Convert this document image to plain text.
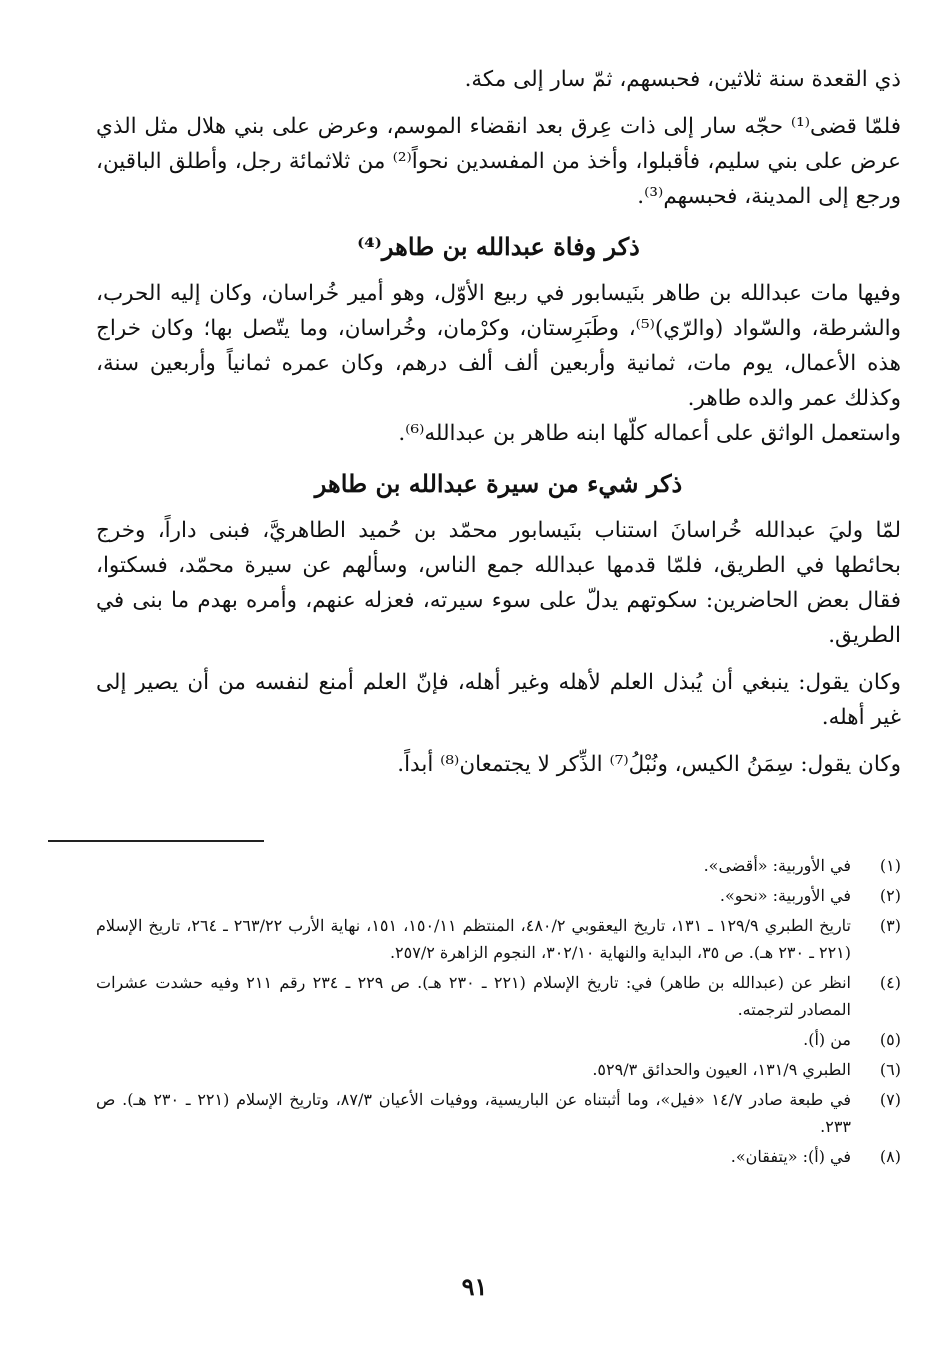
ذي القعدة سنة ثلاثين، فحبسهم، ثمّ سار إلى مكة.

فلمّا قضى⁽¹⁾ حجّه سار إلى ذات عِرق بعد انقضاء الموسم، وعرض على بني هلال مثل الذي عرض على بني سليم، فأقبلوا، وأخذ من المفسدين نحواً⁽²⁾ من ثلاثمائة رجل، وأطلق الباقين، ورجع إلى المدينة، فحبسهم⁽³⁾.

ذكر وفاة عبدالله بن طاهر⁽⁴⁾

وفيها مات عبدالله بن طاهر بنَيسابور في ربيع الأوّل، وهو أمير خُراسان، وكان إليه الحرب، والشرطة، والسّواد (والرّي)⁽⁵⁾، وطَبَرِستان، وكرْمان، وخُراسان، وما يتّصل بها؛ وكان خراج هذه الأعمال، يوم مات، ثمانية وأربعين ألف ألف درهم، وكان عمره ثمانياً وأربعين سنة، وكذلك عمر والده طاهر.

واستعمل الواثق على أعماله كلّها ابنه طاهر بن عبدالله⁽⁶⁾.

ذكر شيء من سيرة عبدالله بن طاهر

لمّا وليَ عبدالله خُراسانَ استناب بنَيسابور محمّد بن حُميد الطاهريَّ، فبنى داراً، وخرج بحائطها في الطريق، فلمّا قدمها عبدالله جمع الناس، وسألهم عن سيرة محمّد، فسكتوا، فقال بعض الحاضرين: سكوتهم يدلّ على سوء سيرته، فعزله عنهم، وأمره بهدم ما بنى في الطريق.

وكان يقول: ينبغي أن يُبذل العلم لأهله وغير أهله، فإنّ العلم أمنع لنفسه من أن يصير إلى غير أهله.

وكان يقول: سِمَنُ الكيس، ونُبْلُ⁽⁷⁾ الذِّكر لا يجتمعان⁽⁸⁾ أبداً.

(١)
في الأوربية: «أقضى».
(٢)
في الأوربية: «نحو».
(٣)
تاريخ الطبري ١٢٩/٩ ـ ١٣١، تاريخ اليعقوبي ٤٨٠/٢، المنتظم ١٥٠/١١، ١٥١، نهاية الأرب ٢٦٣/٢٢ ـ ٢٦٤، تاريخ الإسلام (٢٢١ ـ ٢٣٠ هـ). ص ٣٥، البداية والنهاية ٣٠٢/١٠، النجوم الزاهرة ٢٥٧/٢.
(٤)
انظر عن (عبدالله بن طاهر) في: تاريخ الإسلام (٢٢١ ـ ٢٣٠ هـ). ص ٢٢٩ ـ ٢٣٤ رقم ٢١١ وفيه حشدت عشرات المصادر لترجمته.
(٥)
من (أ).
(٦)
الطبري ١٣١/٩، العيون والحدائق ٥٢٩/٣.
(٧)
في طبعة صادر ١٤/٧ «فيل»، وما أثبتناه عن الباريسية، ووفيات الأعيان ٨٧/٣، وتاريخ الإسلام (٢٢١ ـ ٢٣٠ هـ). ص ٢٣٣.
(٨)
في (أ): «يتفقان».
٩١
